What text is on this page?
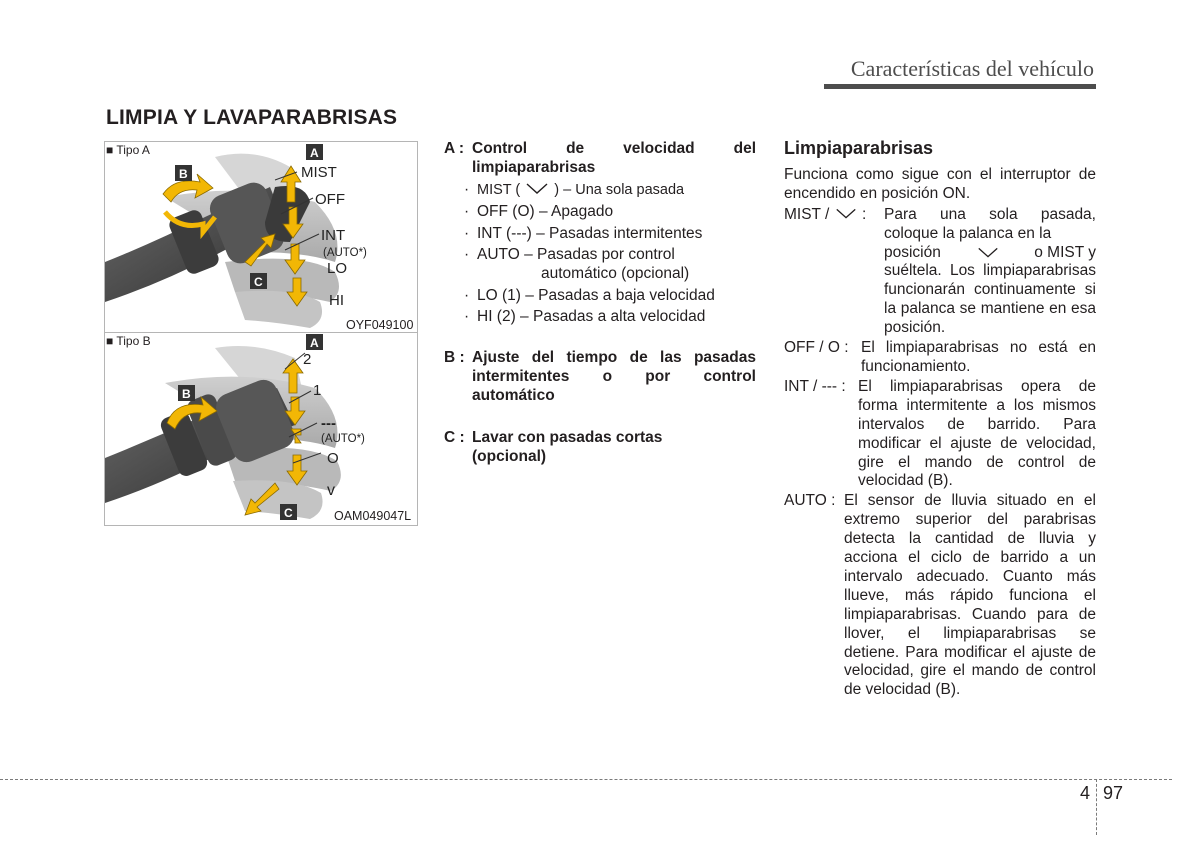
Características del vehículo
LIMPIA Y LAVAPARABRISAS
MIST
OFF
INT
(AUTO*)
LO
HI
A
B
C
■ Tipo A
OYF049100
2
1
---
(AUTO*)
O
v
A
B
C
■ Tipo B
OAM049047L
A : Control de velocidad del
limpiaparabrisas
· MIST ( ) – Una sola pasada
· OFF (O) – Apagado
· INT (---) – Pasadas intermitentes
· AUTO – Pasadas por control
automático (opcional)
· LO (1) – Pasadas a baja velocidad
· HI (2) – Pasadas a alta velocidad
B : Ajuste del tiempo de las pasadas
intermitentes o por control
automático
C : Lavar con pasadas cortas
(opcional)
Limpiaparabrisas
Funciona como sigue con el interruptor de encendido en posición ON.
MIST / :	Para una sola pasada, coloque la palanca en la
posición	o MIST y
suéltela. Los limpiaparabrisas funcionarán continuamente si la palanca se mantiene en esa posición.
OFF / O : El limpiaparabrisas no está en funcionamiento.
INT / --- : El limpiaparabrisas opera de forma intermitente a los mismos intervalos de barrido. Para modificar el ajuste de velocidad, gire el mando de control de velocidad (B).
AUTO : El sensor de lluvia situado en el extremo superior del parabrisas detecta la cantidad de lluvia y acciona el ciclo de barrido a un intervalo adecuado. Cuanto más llueve, más rápido funciona el limpiaparabrisas. Cuando para de llover, el limpiaparabrisas se detiene. Para modificar el ajuste de velocidad, gire el mando de control de velocidad (B).
4 97
